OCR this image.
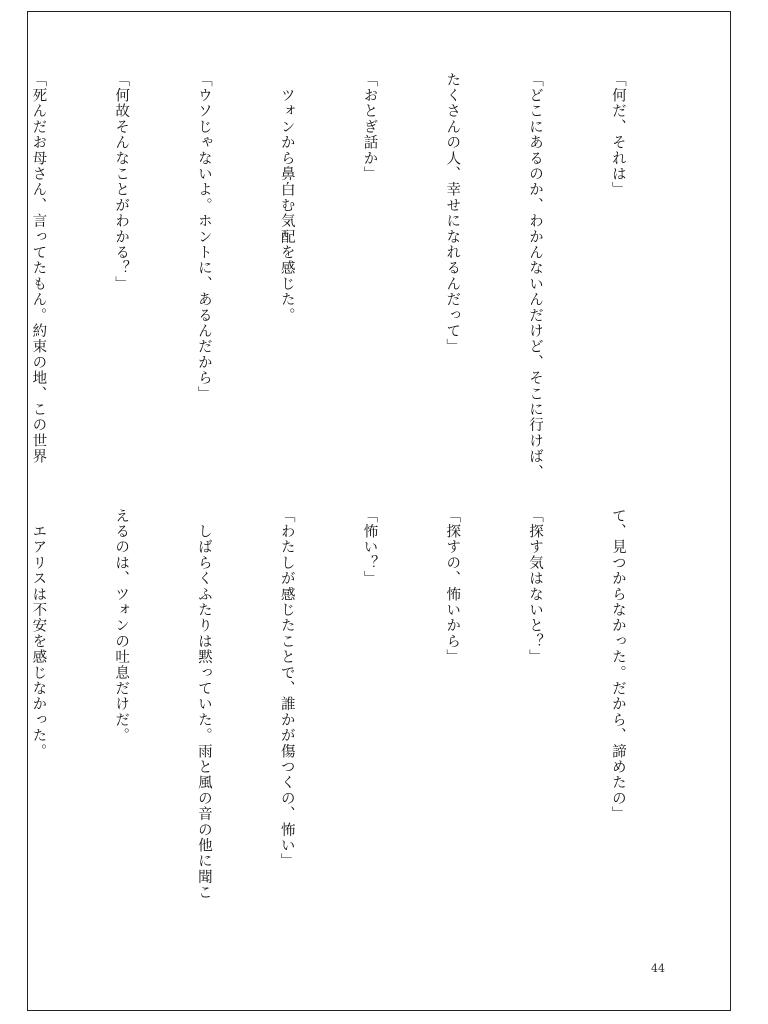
「何だ、それは」

「どこにあるのか、わかんないんだけど、そこに行けば、

たくさんの人、幸せになれるんだって」

「おとぎ話か」

　ツォンから鼻白む気配を感じた。

「ウソじゃないよ。ホントに、あるんだから」

「何故そんなことがわかる？」

「死んだお母さん、言ってたもん。約束の地、この世界

て、見つからなかった。だから、諦めたの」

「探す気はないと？」

「探すの、怖いから」

「怖い？」

「わたしが感じたことで、誰かが傷つくの、怖い」

　しばらくふたりは黙っていた。雨と風の音の他に聞こ

えるのは、ツォンの吐息だけだ。

　エアリスは不安を感じなかった。

44
